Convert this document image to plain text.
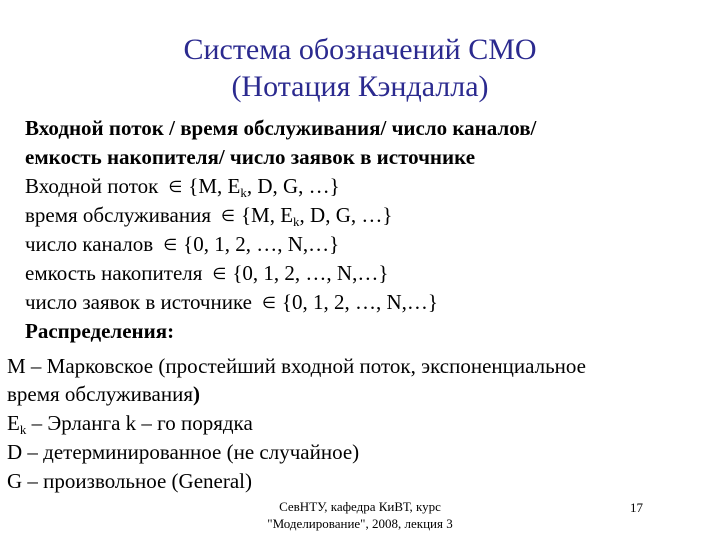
Система обозначений СМО
(Нотация Кэндалла)
Входной поток / время обслуживания/ число каналов/
емкость накопителя/ число заявок в источнике
Входной поток ∈ {M, $E_k$, D, G, …}
время обслуживания ∈ {M, $E_k$, D, G, …}
число каналов ∈ {0, 1, 2, …, N,…}
емкость накопителя ∈ {0, 1, 2, …, N,…}
число заявок в источнике ∈ {0, 1, 2, …, N,…}
Распределения:
M – Марковское (простейший входной поток, экспоненциальное
время обслуживания)
$E_k$ – Эрланга k – го порядка
D – детерминированное (не случайное)
G – произвольное (General)
СевНТУ, кафедра КиВТ, курс
"Моделирование", 2008, лекция 3
17
